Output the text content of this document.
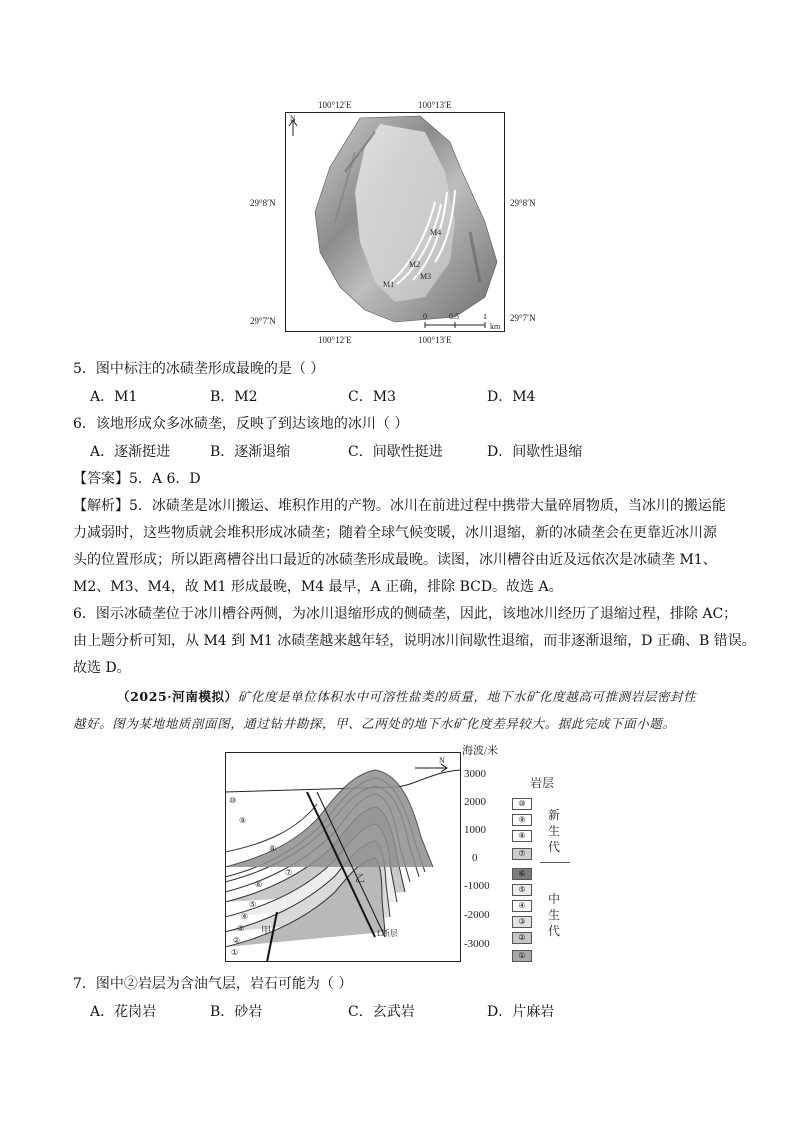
N
M4
M2
M3
M1
0	0.5	1
km
100°12′E	100°13′E
100°12′E	100°13′E
29°8′N	29°8′N
29°7′N	29°7′N
5．图中标注的冰碛垄形成最晚的是（ ）
A．M1	B．M2	C．M3	D．M4
6．该地形成众多冰碛垄，反映了到达该地的冰川（ ）
A．逐渐挺进	B．逐渐退缩	C．间歇性挺进	D．间歇性退缩
【答案】5．A 6．D
【解析】5．冰碛垄是冰川搬运、堆积作用的产物。冰川在前进过程中携带大量碎屑物质，当冰川的搬运能
力减弱时，这些物质就会堆积形成冰碛垄；随着全球气候变暖，冰川退缩，新的冰碛垄会在更靠近冰川源
头的位置形成；所以距离槽谷出口最近的冰碛垄形成最晚。读图，冰川槽谷由近及远依次是冰碛垄 M1、
M2、M3、M4，故 M1 形成最晚，M4 最早，A 正确，排除 BCD。故选 A。
6．图示冰碛垄位于冰川槽谷两侧，为冰川退缩形成的侧碛垄，因此，该地冰川经历了退缩过程，排除 AC；
由上题分析可知，从 M4 到 M1 冰碛垄越来越年轻，说明冰川间歇性退缩，而非逐渐退缩，D 正确、B 错误。
故选 D。
（2025·河南模拟）矿化度是单位体积水中可溶性盐类的质量，地下水矿化度越高可推测岩层密封性
越好。图为某地地质剖面图，通过钻井勘探，甲、乙两处的地下水矿化度差异较大。据此完成下面小题。
N
L断层
甲
乙
⑩
⑨
⑧
⑦
⑥
⑤
④
③
②
①
海波/米
3000
2000
1000
0
-1000
-2000
-3000
岩层
⑩
⑨
⑧
⑦
⑥
⑤
④
③
②
①
新
生
代
中
生
代
7．图中②岩层为含油气层，岩石可能为（ ）
A．花岗岩	B．砂岩	C．玄武岩	D．片麻岩
